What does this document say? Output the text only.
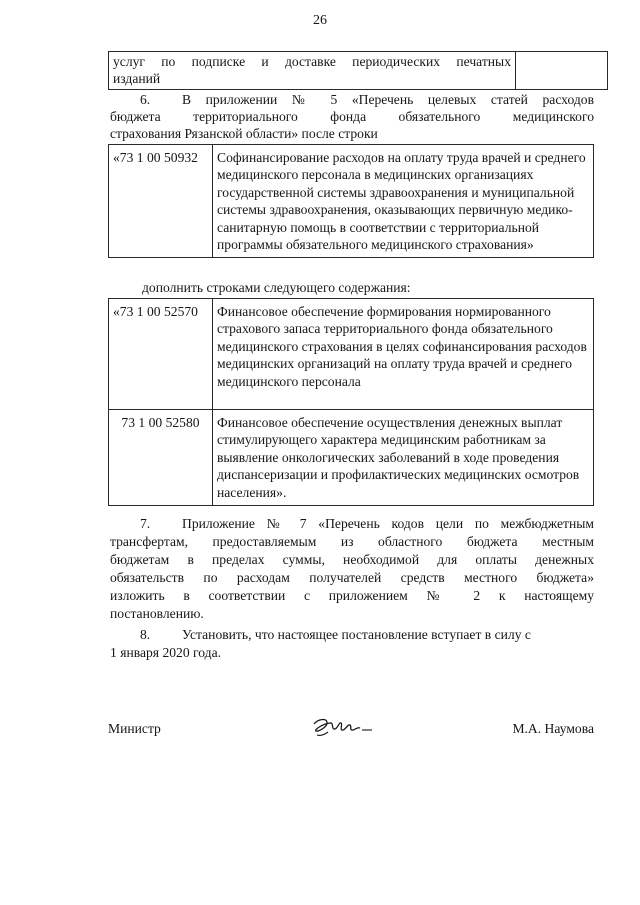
26
услуг по подписке и доставке периодических печатных
изданий

6. В приложении № 5 «Перечень целевых статей расходов
бюджета территориального фонда обязательного медицинского
страхования Рязанской области» после строки
«73 1 00 50932	Софинансирование расходов на оплату труда врачей и среднего медицинского персонала в медицинских организациях государственной системы здравоохранения и муниципальной системы здравоохранения, оказывающих первичную медико-санитарную помощь в соответствии с территориальной программы обязательного медицинского страхования»
дополнить строками следующего содержания:
«73 1 00 52570	Финансовое обеспечение формирования нормированного страхового запаса территориального фонда обязательного медицинского страхования в целях софинансирования расходов медицинских организаций на оплату труда врачей и среднего медицинского персонала
73 1 00 52580	Финансовое обеспечение осуществления денежных выплат стимулирующего характера медицинским работникам за выявление онкологических заболеваний в ходе проведения диспансеризации и профилактических медицинских осмотров населения».
7. Приложение № 7 «Перечень кодов цели по межбюджетным
трансфертам, предоставляемым из областного бюджета местным
бюджетам в пределах суммы, необходимой для оплаты денежных
обязательств по расходам получателей средств местного бюджета»
изложить в соответствии с приложением № 2 к настоящему
постановлению.
8. Установить, что настоящее постановление вступает в силу с
1 января 2020 года.
Министр	М.А. Наумова
